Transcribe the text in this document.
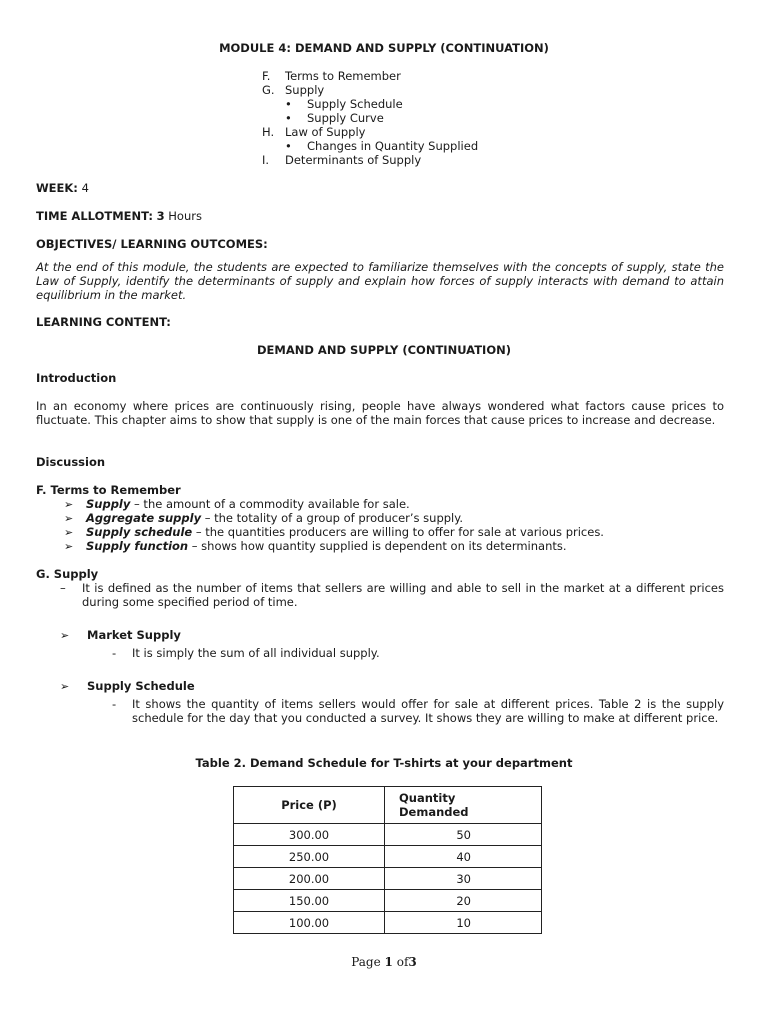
MODULE 4: DEMAND AND SUPPLY (CONTINUATION)
F. Terms to Remember
G. Supply
• Supply Schedule
• Supply Curve
H. Law of Supply
• Changes in Quantity Supplied
I. Determinants of Supply
WEEK: 4
TIME ALLOTMENT: 3 Hours
OBJECTIVES/ LEARNING OUTCOMES:
At the end of this module, the students are expected to familiarize themselves with the concepts of supply, state the Law of Supply, identify the determinants of supply and explain how forces of supply interacts with demand to attain equilibrium in the market.
LEARNING CONTENT:
DEMAND AND SUPPLY (CONTINUATION)
Introduction
In an economy where prices are continuously rising, people have always wondered what factors cause prices to fluctuate. This chapter aims to show that supply is one of the main forces that cause prices to increase and decrease.
Discussion
F. Terms to Remember
➢ Supply – the amount of a commodity available for sale.
➢ Aggregate supply – the totality of a group of producer’s supply.
➢ Supply schedule – the quantities producers are willing to offer for sale at various prices.
➢ Supply function – shows how quantity supplied is dependent on its determinants.
G. Supply
– It is defined as the number of items that sellers are willing and able to sell in the market at a different prices during some specified period of time.
➢ Market Supply
- It is simply the sum of all individual supply.
➢ Supply Schedule
- It shows the quantity of items sellers would offer for sale at different prices. Table 2 is the supply schedule for the day that you conducted a survey. It shows they are willing to make at different price.
Table 2. Demand Schedule for T-shirts at your department
Price (P)	Quantity
Demanded
300.00	50
250.00	40
200.00	30
150.00	20
100.00	10
Page 1 of3
